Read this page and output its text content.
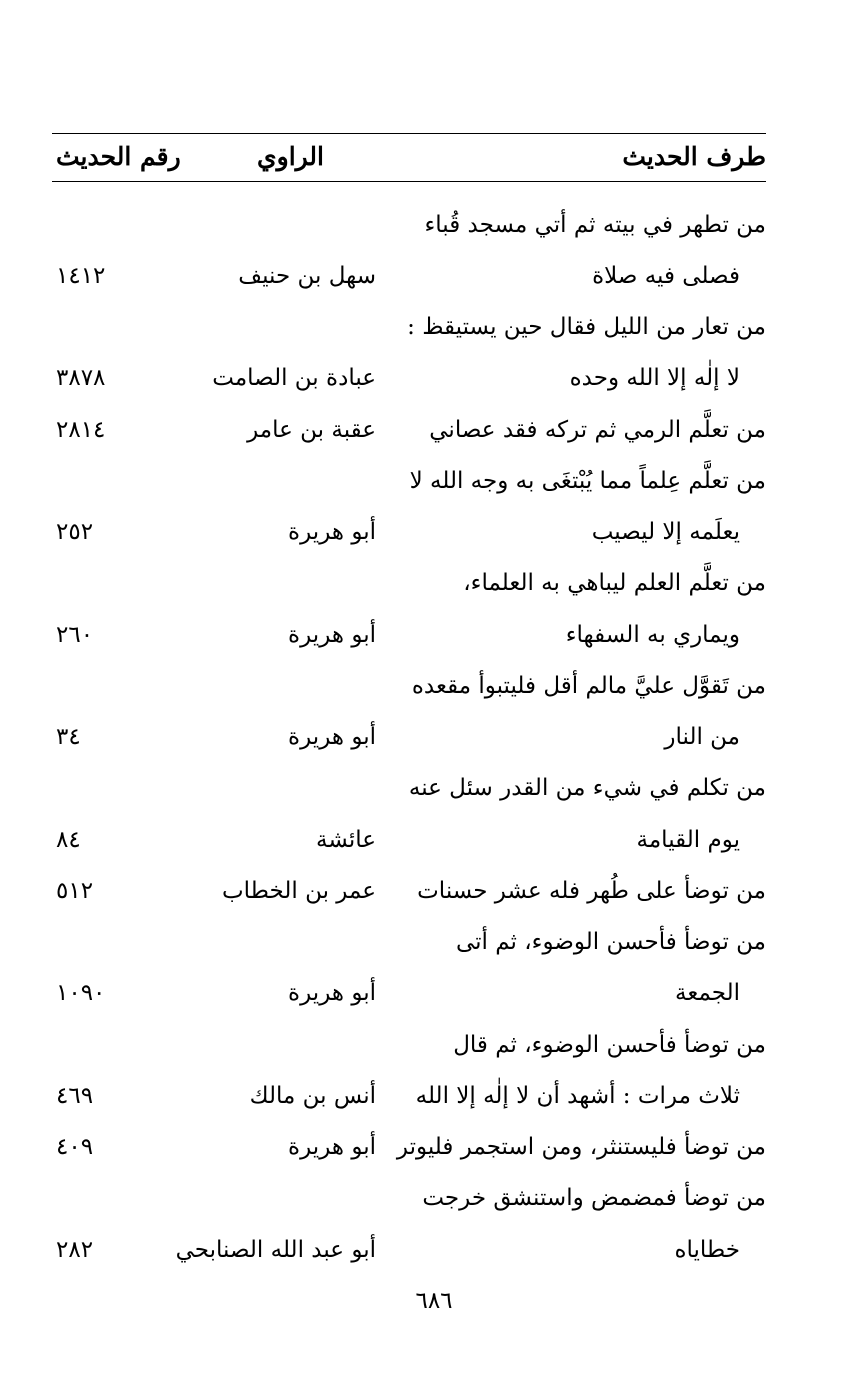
طرف الحديث
الراوي
رقم الحديث
من تطهر في بيته ثم أتي مسجد قُباء
فصلى فيه صلاة
سهل بن حنيف
١٤١٢
من تعار من الليل فقال حين يستيقظ :
لا إلٰه إلا الله وحده
عبادة بن الصامت
٣٨٧٨
من تعلَّم الرمي ثم تركه فقد عصاني
عقبة بن عامر
٢٨١٤
من تعلَّم عِلماً مما يُبْتغَى به وجه الله لا
يعلَمه إلا ليصيب
أبو هريرة
٢٥٢
من تعلَّم العلم ليباهي به العلماء،
ويماري به السفهاء
أبو هريرة
٢٦٠
من تَقوَّل عليَّ مالم أقل فليتبوأ مقعده
من النار
أبو هريرة
٣٤
من تكلم في شيء من القدر سئل عنه
يوم القيامة
عائشة
٨٤
من توضأ على طُهر فله عشر حسنات
عمر بن الخطاب
٥١٢
من توضأ فأحسن الوضوء، ثم أتى
الجمعة
أبو هريرة
١٠٩٠
من توضأ فأحسن الوضوء، ثم قال
ثلاث مرات : أشهد أن لا إلٰه إلا الله
أنس بن مالك
٤٦٩
من توضأ فليستنثر، ومن استجمر فليوتر
أبو هريرة
٤٠٩
من توضأ فمضمض واستنشق خرجت
خطاياه
أبو عبد الله الصنابحي
٢٨٢
٦٨٦
